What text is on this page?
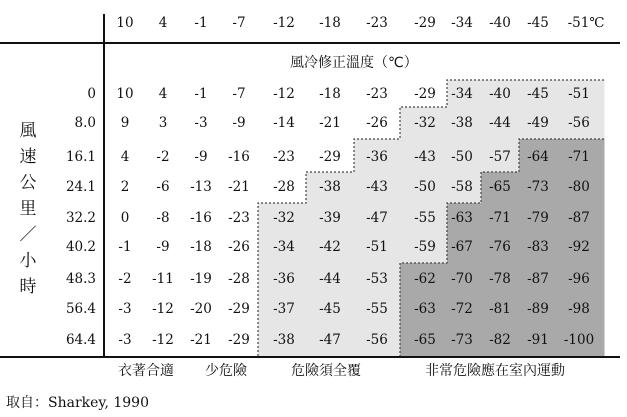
10 4 -1 -7 -12 -18 -23 -29 -34 -40 -45 -51℃
風冷修正溫度（℃）
風
速
公
里
／
小
時
0 10 4 -1 -7 -12 -18 -23 -29 -34 -40 -45 -51
8.0 9 3 -3 -9 -14 -21 -26 -32 -38 -44 -49 -56
16.1 4 -2 -9 -16 -23 -29 -36 -43 -50 -57 -64 -71
24.1 2 -6 -13 -21 -28 -38 -43 -50 -58 -65 -73 -80
32.2 0 -8 -16 -23 -32 -39 -47 -55 -63 -71 -79 -87
40.2 -1 -9 -18 -26 -34 -42 -51 -59 -67 -76 -83 -92
48.3 -2 -11 -19 -28 -36 -44 -53 -62 -70 -78 -87 -96
56.4 -3 -12 -20 -29 -37 -45 -55 -63 -72 -81 -89 -98
64.4 -3 -12 -21 -29 -38 -47 -56 -65 -73 -82 -91 -100
衣著合適 少危險	危險須全覆	非常危險應在室內運動
取自：Sharkey, 1990
